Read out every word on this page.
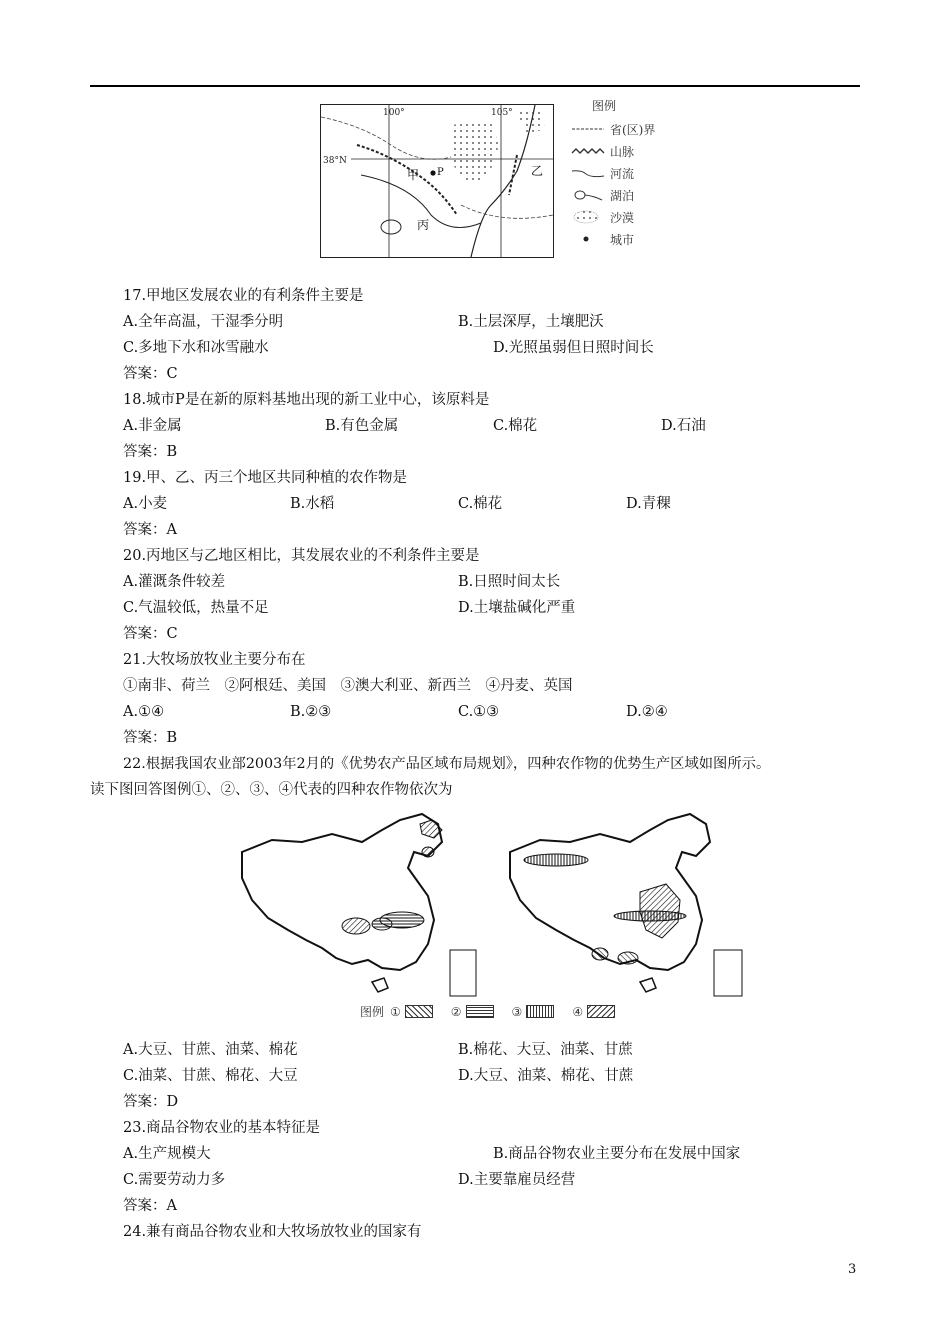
100°	105°
38°N
甲 P	乙
丙
图例
省(区)界
山脉
河流
湖泊
沙漠
城市
17.甲地区发展农业的有利条件主要是
A.全年高温，干湿季分明	B.土层深厚，土壤肥沃
C.多地下水和冰雪融水	D.光照虽弱但日照时间长
答案：C
18.城市P是在新的原料基地出现的新工业中心，该原料是
A.非金属	B.有色金属	C.棉花	D.石油
答案：B
19.甲、乙、丙三个地区共同种植的农作物是
A.小麦	B.水稻	C.棉花	D.青稞
答案：A
20.丙地区与乙地区相比，其发展农业的不利条件主要是
A.灌溉条件较差	B.日照时间太长
C.气温较低，热量不足	D.土壤盐碱化严重
答案：C
21.大牧场放牧业主要分布在
①南非、荷兰　②阿根廷、美国　③澳大利亚、新西兰　④丹麦、英国
A.①④	B.②③	C.①③	D.②④
答案：B
22.根据我国农业部2003年2月的《优势农产品区域布局规划》，四种农作物的优势生产区域如图所示。
读下图回答图例①、②、③、④代表的四种农作物依次为
图例 ①	②	③	④
A.大豆、甘蔗、油菜、棉花	B.棉花、大豆、油菜、甘蔗
C.油菜、甘蔗、棉花、大豆	D.大豆、油菜、棉花、甘蔗
答案：D
23.商品谷物农业的基本特征是
A.生产规模大	B.商品谷物农业主要分布在发展中国家
C.需要劳动力多	D.主要靠雇员经营
答案：A
24.兼有商品谷物农业和大牧场放牧业的国家有
3
